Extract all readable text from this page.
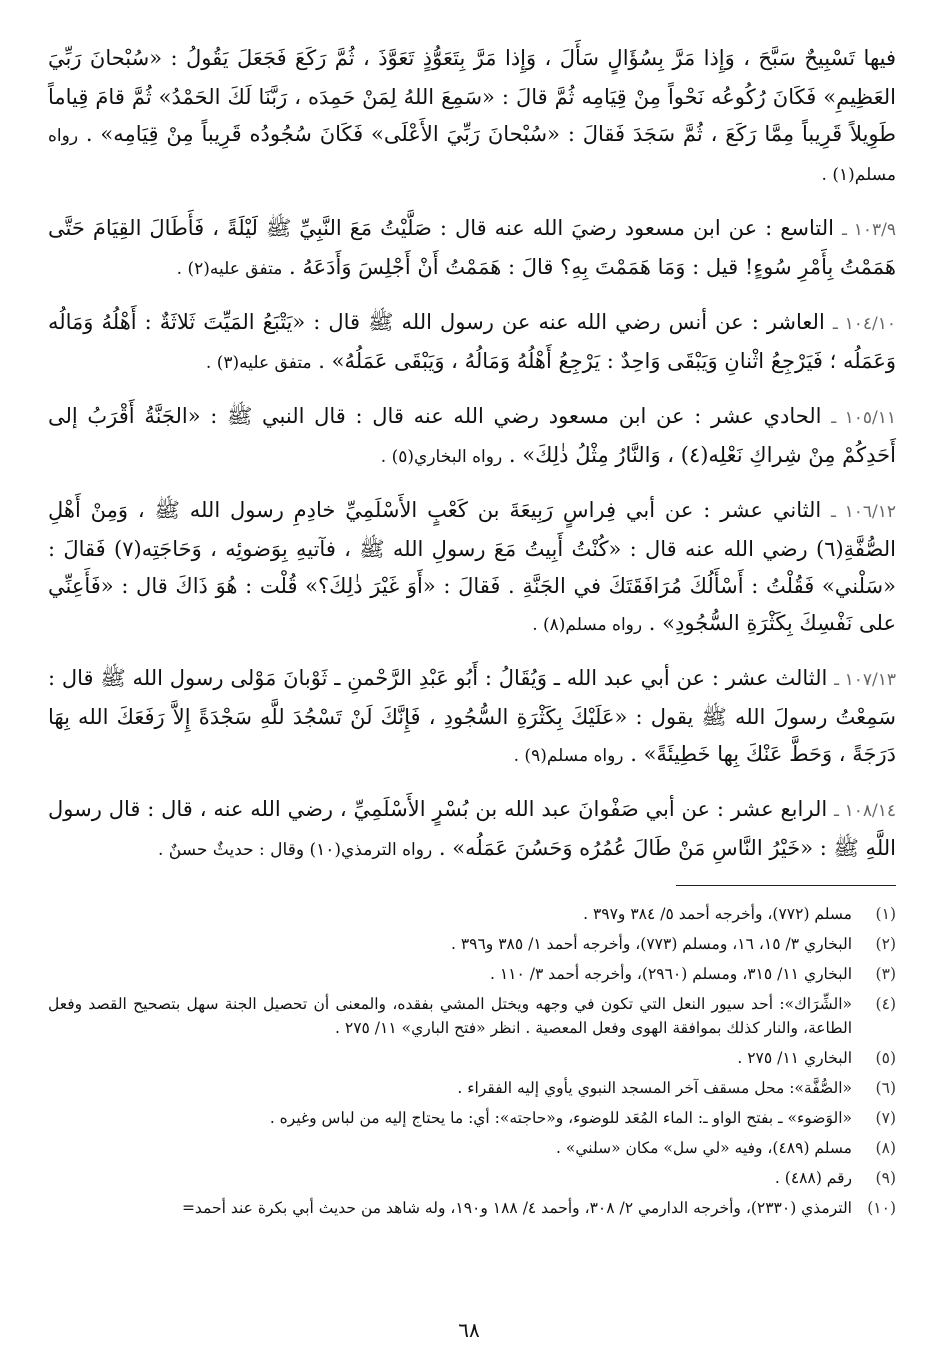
فيها تَسْبِيحٌ سَبَّحَ ، وَإِذا مَرَّ بِسُؤَالٍ سَأَلَ ، وَإِذا مَرَّ بِتَعَوُّذٍ تَعَوَّذَ ، ثُمَّ رَكَعَ فَجَعَلَ يَقُولُ : «سُبْحانَ رَبِّيَ العَظِيمِ» فَكَانَ رُكُوعُه نَحْواً مِنْ قِيَامِه ثُمَّ قالَ : «سَمِعَ اللهُ لِمَنْ حَمِدَه ، رَبَّنَا لَكَ الحَمْدُ» ثُمَّ قامَ قِياماً طَوِيلاً قَرِيباً مِمَّا رَكَعَ ، ثُمَّ سَجَدَ فَقالَ : «سُبْحانَ رَبِّيَ الأَعْلَى» فَكَانَ سُجُودُه قَرِيباً مِنْ قِيَامِه» . رواه مسلم(١) .

١٠٣/٩ ـ التاسع : عن ابن مسعود رضيَ الله عنه قال : صَلَّيْتُ مَعَ النَّبِيِّ ﷺ لَيْلَةً ، فَأَطَالَ القِيَامَ حَتَّى هَمَمْتُ بِأَمْرِ سُوءٍ! قيل : وَمَا هَمَمْتَ بِهِ؟ قالَ : هَمَمْتُ أَنْ أَجْلِسَ وَأَدَعَهُ . متفق عليه(٢) .

١٠٤/١٠ ـ العاشر : عن أنس رضي الله عنه عن رسول الله ﷺ قال : «يَتْبَعُ المَيِّتَ ثَلاثَةٌ : أَهْلُهُ وَمَالُه وَعَمَلُه ؛ فَيَرْجِعُ اثْنانِ وَيَبْقَى وَاحِدٌ : يَرْجِعُ أَهْلُهُ وَمَالُهُ ، وَيَبْقَى عَمَلُهُ» . متفق عليه(٣) .

١٠٥/١١ ـ الحادي عشر : عن ابن مسعود رضي الله عنه قال : قال النبي ﷺ : «الجَنَّةُ أَقْرَبُ إلى أَحَدِكُمْ مِنْ شِراكِ نَعْلِه(٤) ، وَالنَّارُ مِثْلُ ذٰلِكَ» . رواه البخاري(٥) .

١٠٦/١٢ ـ الثاني عشر : عن أبي فِراسٍ رَبِيعَةَ بن كَعْبٍ الأَسْلَمِيِّ خادِمِ رسول الله ﷺ ، وَمِنْ أَهْلِ الصُّفَّةِ(٦) رضي الله عنه قال : «كُنْتُ أَبِيتُ مَعَ رسولِ الله ﷺ ، فآتيهِ بِوَضوئِه ، وَحَاجَتِه(٧) فَقالَ : «سَلْني» فَقُلْتُ : أَسْأَلُكَ مُرَافَقَتَكَ في الجَنَّةِ . فَقالَ : «أَوَ غَيْرَ ذٰلِكَ؟» قُلْت : هُوَ ذَاكَ قال : «فَأَعِنِّي على نَفْسِكَ بِكَثْرَةِ السُّجُودِ» . رواه مسلم(٨) .

١٠٧/١٣ ـ الثالث عشر : عن أبي عبد الله ـ وَيُقَالُ : أَبُو عَبْدِ الرَّحْمنِ ـ ثَوْبانَ مَوْلى رسول الله ﷺ قال : سَمِعْتُ رسولَ الله ﷺ يقول : «عَلَيْكَ بِكَثْرَةِ السُّجُودِ ، فَإِنَّكَ لَنْ تَسْجُدَ للَّهِ سَجْدَةً إِلاَّ رَفَعَكَ الله بِهَا دَرَجَةً ، وَحَطَّ عَنْكَ بِها خَطِيئَةً» . رواه مسلم(٩) .

١٠٨/١٤ ـ الرابع عشر : عن أبي صَفْوانَ عبد الله بن بُسْرٍ الأَسْلَمِيِّ ، رضي الله عنه ، قال : قال رسول اللَّهِ ﷺ : «خَيْرُ النَّاسِ مَنْ طَالَ عُمُرُه وَحَسُنَ عَمَلُه» . رواه الترمذي(١٠) وقال : حديثٌ حسنٌ .

(١)
مسلم (٧٧٢)، وأخرجه أحمد ٥/ ٣٨٤ و٣٩٧ .
(٢)
البخاري ٣/ ١٥، ١٦، ومسلم (٧٧٣)، وأخرجه أحمد ١/ ٣٨٥ و٣٩٦ .
(٣)
البخاري ١١/ ٣١٥، ومسلم (٢٩٦٠)، وأخرجه أحمد ٣/ ١١٠ .
(٤)
«الشِّرَاك»: أحد سيور النعل التي تكون في وجهه ويختل المشي بفقده، والمعنى أن تحصيل الجنة سهل بتصحيح القصد وفعل الطاعة، والنار كذلك بموافقة الهوى وفعل المعصية . انظر «فتح الباري» ١١/ ٢٧٥ .
(٥)
البخاري ١١/ ٢٧٥ .
(٦)
«الصُّفَّة»: محل مسقف آخر المسجد النبوي يأوي إليه الفقراء .
(٧)
«الوَضوء» ـ بفتح الواو ـ: الماء المُعَد للوضوء، و«حاجته»: أي: ما يحتاج إليه من لباس وغيره .
(٨)
مسلم (٤٨٩)، وفيه «لي سل» مكان «سلني» .
(٩)
رقم (٤٨٨) .
(١٠)
الترمذي (٢٣٣٠)، وأخرجه الدارمي ٢/ ٣٠٨، وأحمد ٤/ ١٨٨ و١٩٠، وله شاهد من حديث أبي بكرة عند أحمد=
٦٨
